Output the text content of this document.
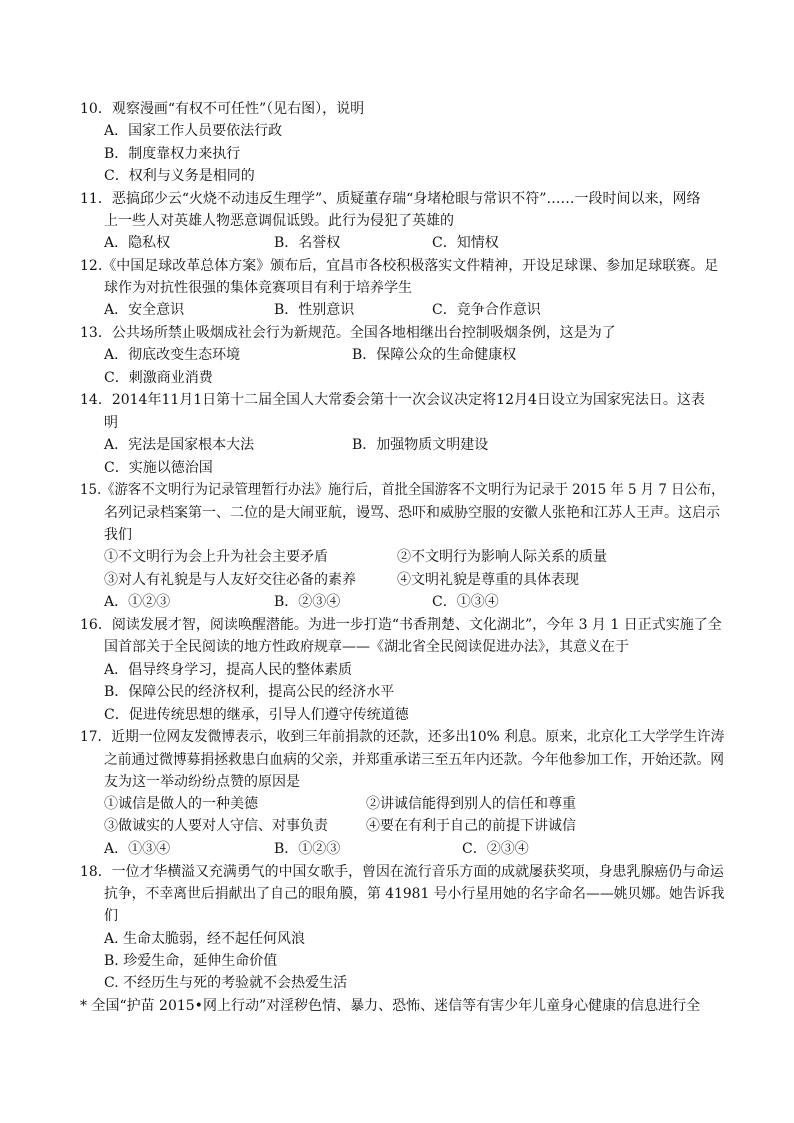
10．观察漫画“有权不可任性”（见右图），说明
A．国家工作人员要依法行政
B．制度靠权力来执行
C．权利与义务是相同的
11．恶搞邱少云“火烧不动违反生理学”、质疑董存瑞“身堵枪眼与常识不符”……一段时间以来，网络
上一些人对英雄人物恶意调侃诋毁。此行为侵犯了英雄的
A．隐私权	B．名誉权	C．知情权
12.《中国足球改革总体方案》颁布后，宜昌市各校积极落实文件精神，开设足球课、参加足球联赛。足
球作为对抗性很强的集体竞赛项目有利于培养学生
A．安全意识	B．性别意识	C．竞争合作意识
13．公共场所禁止吸烟成社会行为新规范。全国各地相继出台控制吸烟条例，这是为了
A．彻底改变生态环境	B．保障公众的生命健康权
C．刺激商业消费
14．2014年11月1日第十二届全国人大常委会第十一次会议决定将12月4日设立为国家宪法日。这表
明
A．宪法是国家根本大法	B．加强物质文明建设
C．实施以德治国
15.《游客不文明行为记录管理暂行办法》施行后，首批全国游客不文明行为记录于 2015 年 5 月 7 日公布，
名列记录档案第一、二位的是大闹亚航，谩骂、恐吓和威胁空服的安徽人张艳和江苏人王声。这启示
我们
①不文明行为会上升为社会主要矛盾	②不文明行为影响人际关系的质量
③对人有礼貌是与人友好交往必备的素养	④文明礼貌是尊重的具体表现
A．①②③	B．②③④	C．①③④
16．阅读发展才智，阅读唤醒潜能。为进一步打造“书香荆楚、文化湖北”，今年 3 月 1 日正式实施了全
国首部关于全民阅读的地方性政府规章——《湖北省全民阅读促进办法》，其意义在于
A．倡导终身学习，提高人民的整体素质
B．保障公民的经济权利，提高公民的经济水平
C．促进传统思想的继承，引导人们遵守传统道德
17．近期一位网友发微博表示，收到三年前捐款的还款，还多出10% 利息。原来，北京化工大学学生许涛
之前通过微博募捐拯救患白血病的父亲，并郑重承诺三至五年内还款。今年他参加工作，开始还款。网
友为这一举动纷纷点赞的原因是
①诚信是做人的一种美德	②讲诚信能得到别人的信任和尊重
③做诚实的人要对人守信、对事负责	④要在有利于自己的前提下讲诚信
A．①③④	B．①②③	C．②③④
18．一位才华横溢又充满勇气的中国女歌手，曾因在流行音乐方面的成就屡获奖项，身患乳腺癌仍与命运
抗争，不幸离世后捐献出了自己的眼角膜，第 41981 号小行星用她的名字命名——姚贝娜。她告诉我
们
A. 生命太脆弱，经不起任何风浪
B. 珍爱生命，延伸生命价值
C. 不经历生与死的考验就不会热爱生活
* 全国“护苗 2015•网上行动”对淫秽色情、暴力、恐怖、迷信等有害少年儿童身心健康的信息进行全
